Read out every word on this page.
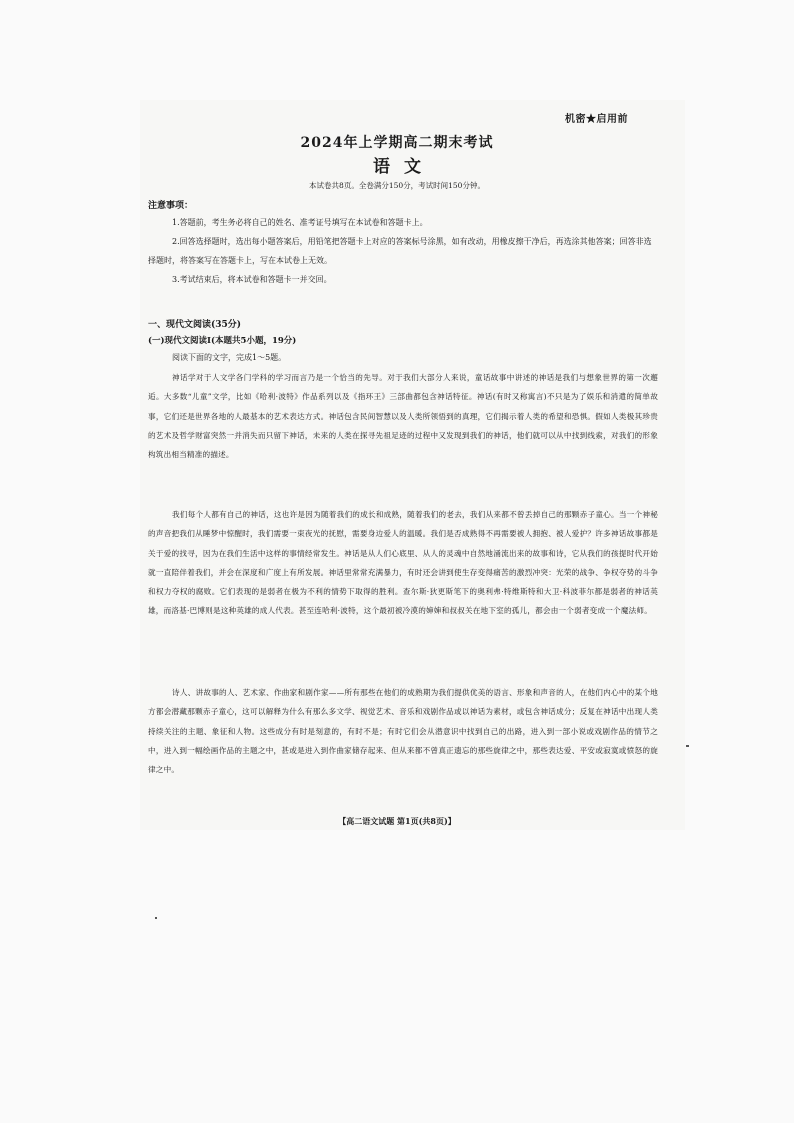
机密★启用前
2024年上学期高二期末考试
语文
本试卷共8页。全卷满分150分，考试时间150分钟。
注意事项：
1.答题前，考生务必将自己的姓名、准考证号填写在本试卷和答题卡上。
2.回答选择题时，选出每小题答案后，用铅笔把答题卡上对应的答案标号涂黑，如有改动，用橡皮擦干净后，再选涂其他答案；回答非选择题时，将答案写在答题卡上，写在本试卷上无效。
3.考试结束后，将本试卷和答题卡一并交回。
一、现代文阅读(35分)
(一)现代文阅读Ⅰ(本题共5小题，19分)
阅读下面的文字，完成1～5题。
神话学对于人文学各门学科的学习而言乃是一个恰当的先导。对于我们大部分人来说，童话故事中讲述的神话是我们与想象世界的第一次邂逅。大多数“儿童”文学，比如《哈利·波特》作品系列以及《指环王》三部曲都包含神话特征。神话(有时又称寓言)不只是为了娱乐和消遣的简单故事，它们还是世界各地的人最基本的艺术表达方式。神话包含民间智慧以及人类所领悟到的真理，它们揭示着人类的希望和恐惧。假如人类极其珍贵的艺术及哲学财富突然一并消失而只留下神话，未来的人类在探寻先祖足迹的过程中又发现到我们的神话，他们就可以从中找到线索，对我们的形象构筑出相当精准的描述。
我们每个人都有自己的神话，这也许是因为随着我们的成长和成熟，随着我们的老去，我们从来都不曾丢掉自己的那颗赤子童心。当一个神秘的声音把我们从睡梦中惊醒时，我们需要一束夜光的抚慰，需要身边爱人的温暖。我们是否成熟得不再需要被人拥抱、被人爱护？许多神话故事都是关于爱的找寻，因为在我们生活中这样的事情经常发生。神话是从人们心底里、从人的灵魂中自然地涌流出来的故事和诗，它从我们的孩提时代开始就一直陪伴着我们，并会在深度和广度上有所发展。神话里常常充满暴力，有时还会讲到使生存变得痛苦的激烈冲突：光荣的战争、争权夺势的斗争和权力夺权的腐败。它们表现的是弱者在极为不利的情势下取得的胜利。查尔斯·狄更斯笔下的奥利弗·特维斯特和大卫·科波菲尔都是弱者的神话英雄，而洛基·巴博则是这种英雄的成人代表。甚至连哈利·波特，这个最初被冷漠的婶婶和叔叔关在地下室的孤儿，都会由一个弱者变成一个魔法师。
诗人、讲故事的人、艺术家、作曲家和剧作家——所有那些在他们的成熟期为我们提供优美的语言、形象和声音的人，在他们内心中的某个地方都会潜藏那颗赤子童心，这可以解释为什么有那么多文学、视觉艺术、音乐和戏剧作品或以神话为素材，或包含神话成分；反复在神话中出现人类持续关注的主题、象征和人物。这些成分有时是刻意的，有时不是；有时它们会从潜意识中找到自己的出路，进入到一部小说或戏剧作品的情节之中，进入到一幅绘画作品的主题之中，甚或是进入到作曲家储存起来、但从来都不曾真正遗忘的那些旋律之中，那些表达爱、平安或寂寞或愤怒的旋律之中。
【高二语文试题 第1页(共8页)】
